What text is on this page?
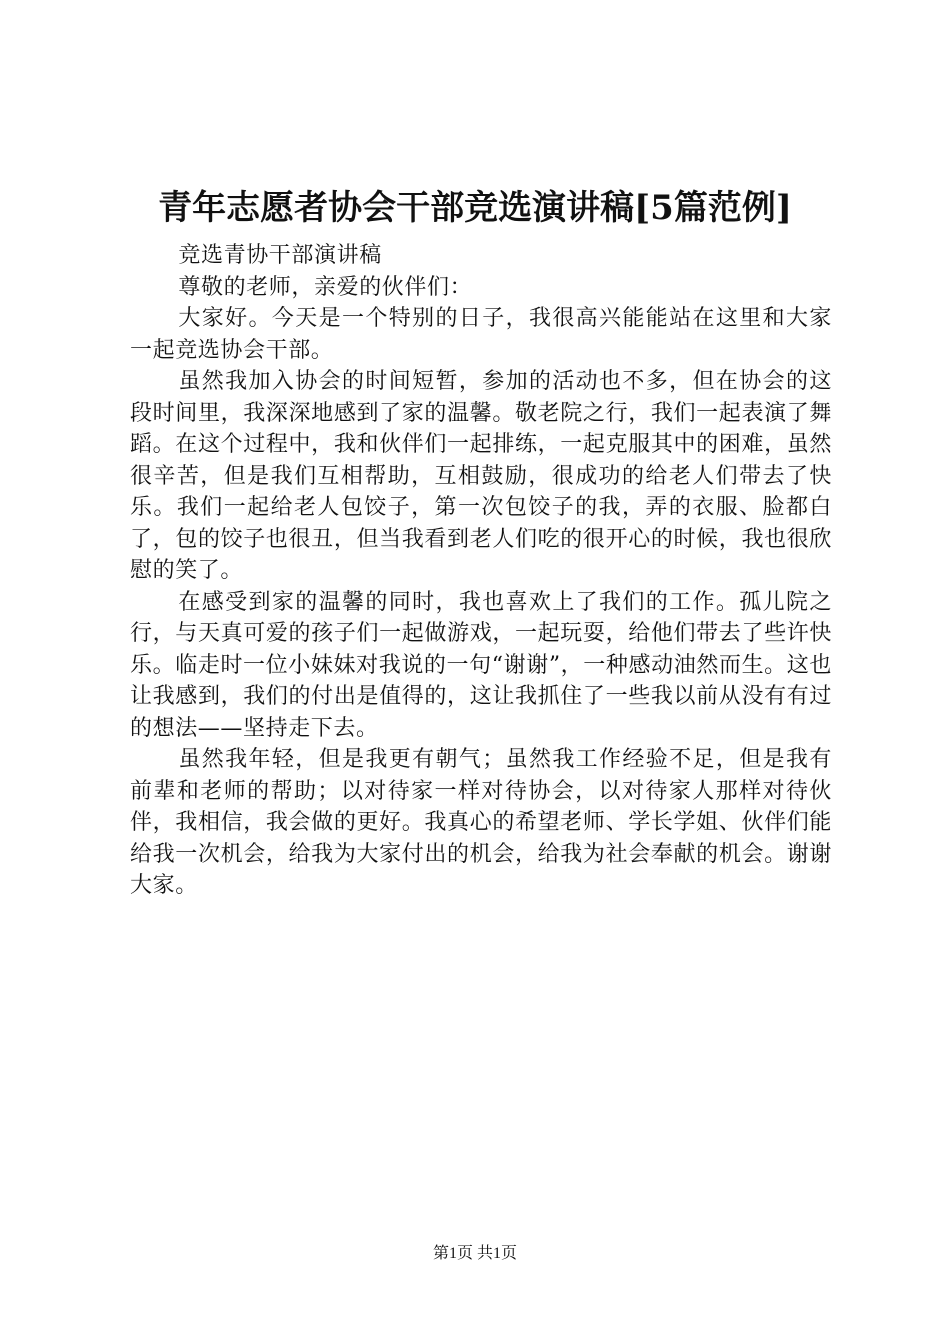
青年志愿者协会干部竞选演讲稿[5篇范例]

竞选青协干部演讲稿

尊敬的老师，亲爱的伙伴们：

大家好。今天是一个特别的日子，我很高兴能能站在这里和大家一起竞选协会干部。

虽然我加入协会的时间短暂，参加的活动也不多，但在协会的这段时间里，我深深地感到了家的温馨。敬老院之行，我们一起表演了舞蹈。在这个过程中，我和伙伴们一起排练，一起克服其中的困难，虽然很辛苦，但是我们互相帮助，互相鼓励，很成功的给老人们带去了快乐。我们一起给老人包饺子，第一次包饺子的我，弄的衣服、脸都白了，包的饺子也很丑，但当我看到老人们吃的很开心的时候，我也很欣慰的笑了。

在感受到家的温馨的同时，我也喜欢上了我们的工作。孤儿院之行，与天真可爱的孩子们一起做游戏，一起玩耍，给他们带去了些许快乐。临走时一位小妹妹对我说的一句“谢谢”，一种感动油然而生。这也让我感到，我们的付出是值得的，这让我抓住了一些我以前从没有有过的想法——坚持走下去。

虽然我年轻，但是我更有朝气；虽然我工作经验不足，但是我有前辈和老师的帮助；以对待家一样对待协会，以对待家人那样对待伙伴，我相信，我会做的更好。我真心的希望老师、学长学姐、伙伴们能给我一次机会，给我为大家付出的机会，给我为社会奉献的机会。谢谢大家。

第1页 共1页
